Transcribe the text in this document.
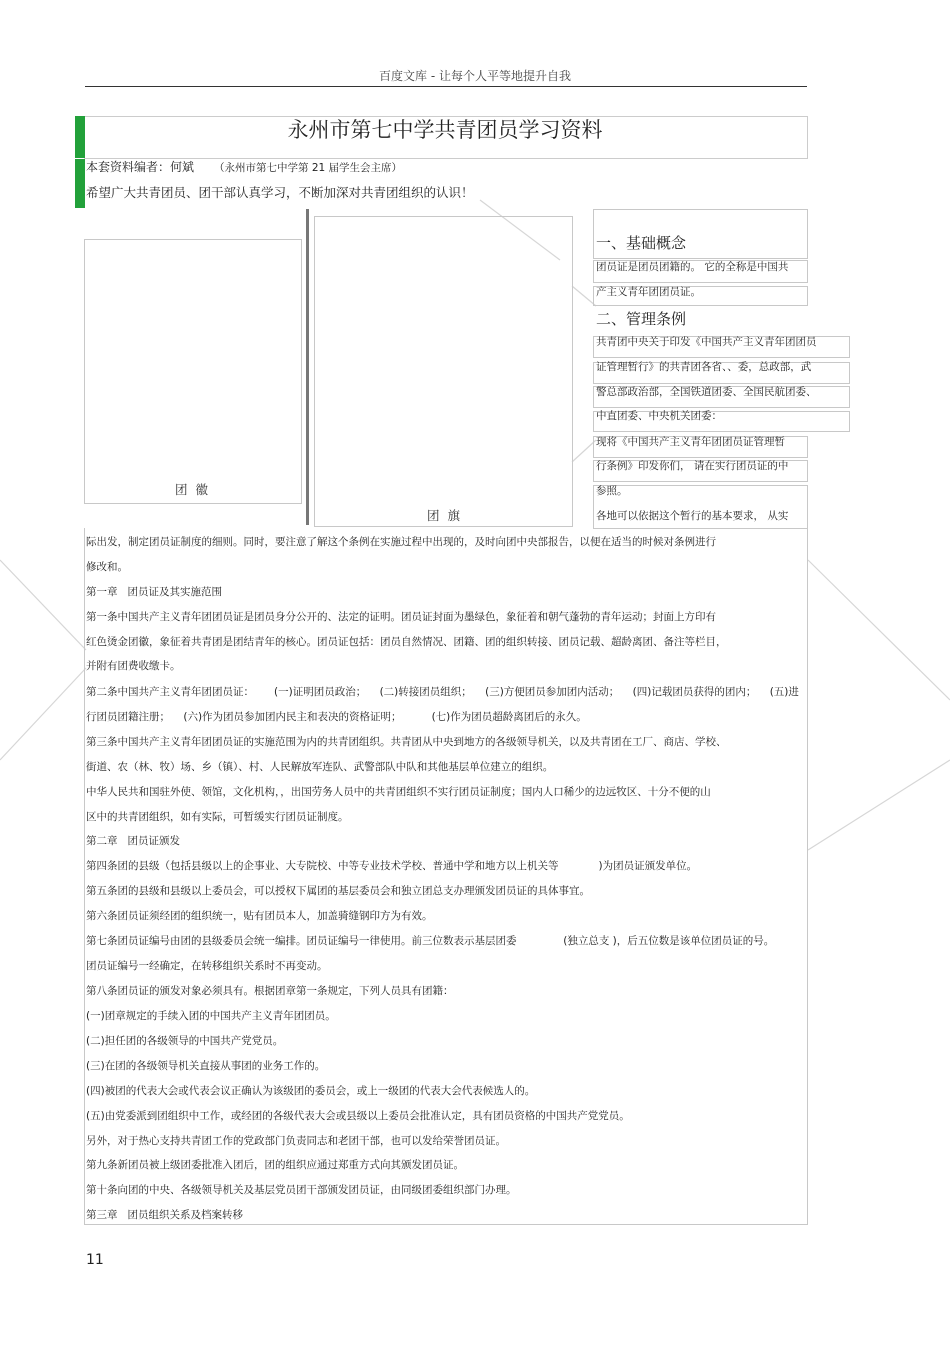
百度文库 - 让每个人平等地提升自我
永州市第七中学共青团员学习资料
本套资料编者：何斌 （永州市第七中学第 21 届学生会主席）
希望广大共青团员、团干部认真学习，不断加深对共青团组织的认识！
团徽
团旗
一、基础概念
团员证是团员团籍的。 它的全称是中国共
产主义青年团团员证。
二、管理条例
共青团中央关于印发《中国共产主义青年团团员
证管理暂行》的共青团各省、、委，总政部，武
警总部政治部，全国铁道团委、全国民航团委、
中直团委、中央机关团委：
现将《中国共产主义青年团团员证管理暂
行条例》印发你们， 请在实行团员证的中
参照。
各地可以依据这个暂行的基本要求， 从实
际出发，制定团员证制度的细则。同时，要注意了解这个条例在实施过程中出现的，及时向团中央部报告，以便在适当的时候对条例进行
修改和。
第一章   团员证及其实施范围
第一条中国共产主义青年团团员证是团员身分公开的、法定的证明。团员证封面为墨绿色，象征着和朝气蓬勃的青年运动；封面上方印有
红色烫金团徽，象征着共青团是团结青年的核心。团员证包括：团员自然情况、团籍、团的组织转接、团员记载、超龄离团、备注等栏目，
并附有团费收缴卡。
第二条中国共产主义青年团团员证：      (一)证明团员政治；    (二)转接团员组织；    (三)方便团员参加团内活动；    (四)记载团员获得的团内；    (五)进
行团员团籍注册；    (六)作为团员参加团内民主和表决的资格证明；         (七)作为团员超龄离团后的永久。
第三条中国共产主义青年团团员证的实施范围为内的共青团组织。共青团从中央到地方的各级领导机关，以及共青团在工厂、商店、学校、
街道、农（林、牧）场、乡（镇）、村、人民解放军连队、武警部队中队和其他基层单位建立的组织。
中华人民共和国驻外使、领馆，文化机构，，出国劳务人员中的共青团组织不实行团员证制度；国内人口稀少的边远牧区、十分不便的山
区中的共青团组织，如有实际，可暂缓实行团员证制度。
第二章   团员证颁发
第四条团的县级（包括县级以上的企事业、大专院校、中等专业技术学校、普通中学和地方以上机关等            )为团员证颁发单位。
第五条团的县级和县级以上委员会，可以授权下属团的基层委员会和独立团总支办理颁发团员证的具体事宜。
第六条团员证须经团的组织统一，贴有团员本人，加盖骑缝钢印方为有效。
第七条团员证编号由团的县级委员会统一编排。团员证编号一律使用。前三位数表示基层团委              (独立总支 )，后五位数是该单位团员证的号。
团员证编号一经确定，在转移组织关系时不再变动。
第八条团员证的颁发对象必须具有。根据团章第一条规定，下列人员具有团籍：
(一)团章规定的手续入团的中国共产主义青年团团员。
(二)担任团的各级领导的中国共产党党员。
(三)在团的各级领导机关直接从事团的业务工作的。
(四)被团的代表大会或代表会议正确认为该级团的委员会，或上一级团的代表大会代表候选人的。
(五)由党委派到团组织中工作，或经团的各级代表大会或县级以上委员会批准认定，具有团员资格的中国共产党党员。
另外，对于热心支持共青团工作的党政部门负责同志和老团干部，也可以发给荣誉团员证。
第九条新团员被上级团委批准入团后，团的组织应通过郑重方式向其颁发团员证。
第十条向团的中央、各级领导机关及基层党员团干部颁发团员证，由同级团委组织部门办理。
第三章   团员组织关系及档案转移
11
